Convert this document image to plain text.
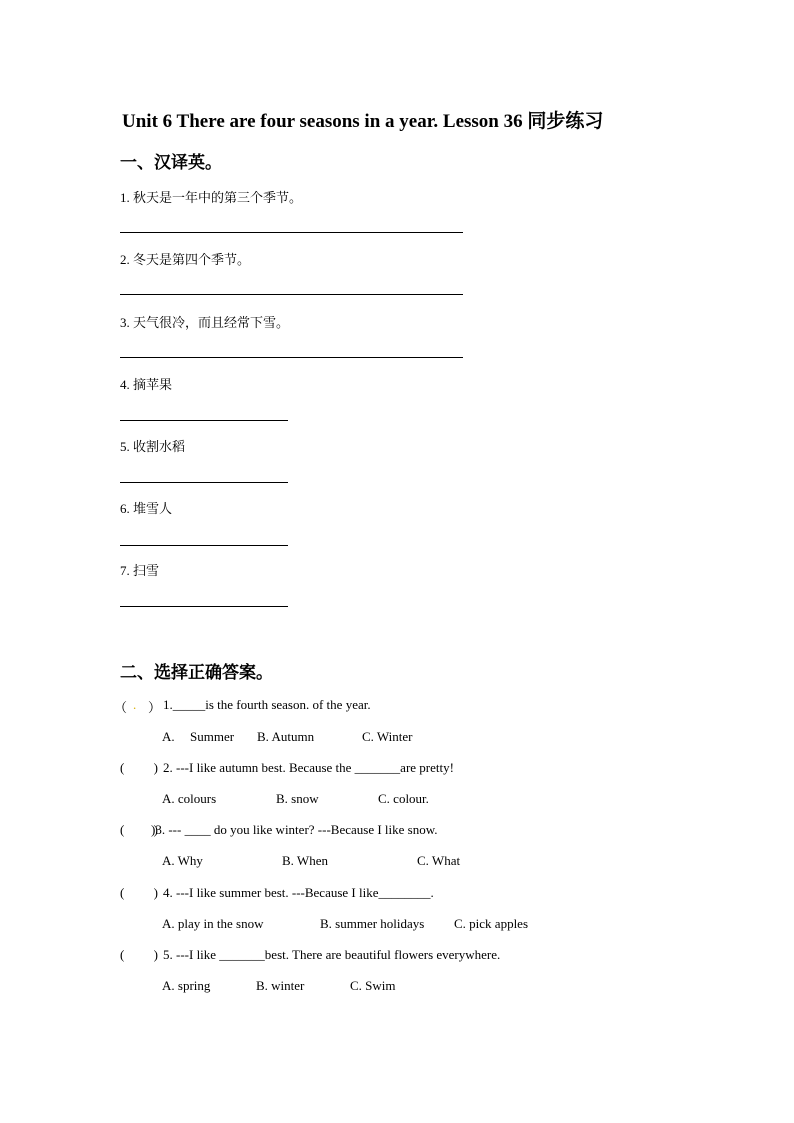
Unit 6 There are four seasons in a year. Lesson 36 同步练习
一、汉译英。
1. 秋天是一年中的第三个季节。
2. 冬天是第四个季节。
3. 天气很冷，而且经常下雪。
4. 摘苹果
5. 收割水稻
6. 堆雪人
7. 扫雪
二、选择正确答案。
（ . ） 1._____is the fourth season. of the year.
A. Summer B. Autumn	C. Winter
(         ) 2. ---I like autumn best. Because the _______are pretty!
A. colours	B. snow	C. colour.
(         )
)3. --- ____ do you like winter? ---Because I like snow.
A. Why	B. When	C. What
(         ) 4. ---I like summer best. ---Because I like________.
A. play in the snow	B. summer holidays C. pick apples
(         ) 5. ---I like _______best. There are beautiful flowers everywhere.
A. spring	B. winter	C. Swim
